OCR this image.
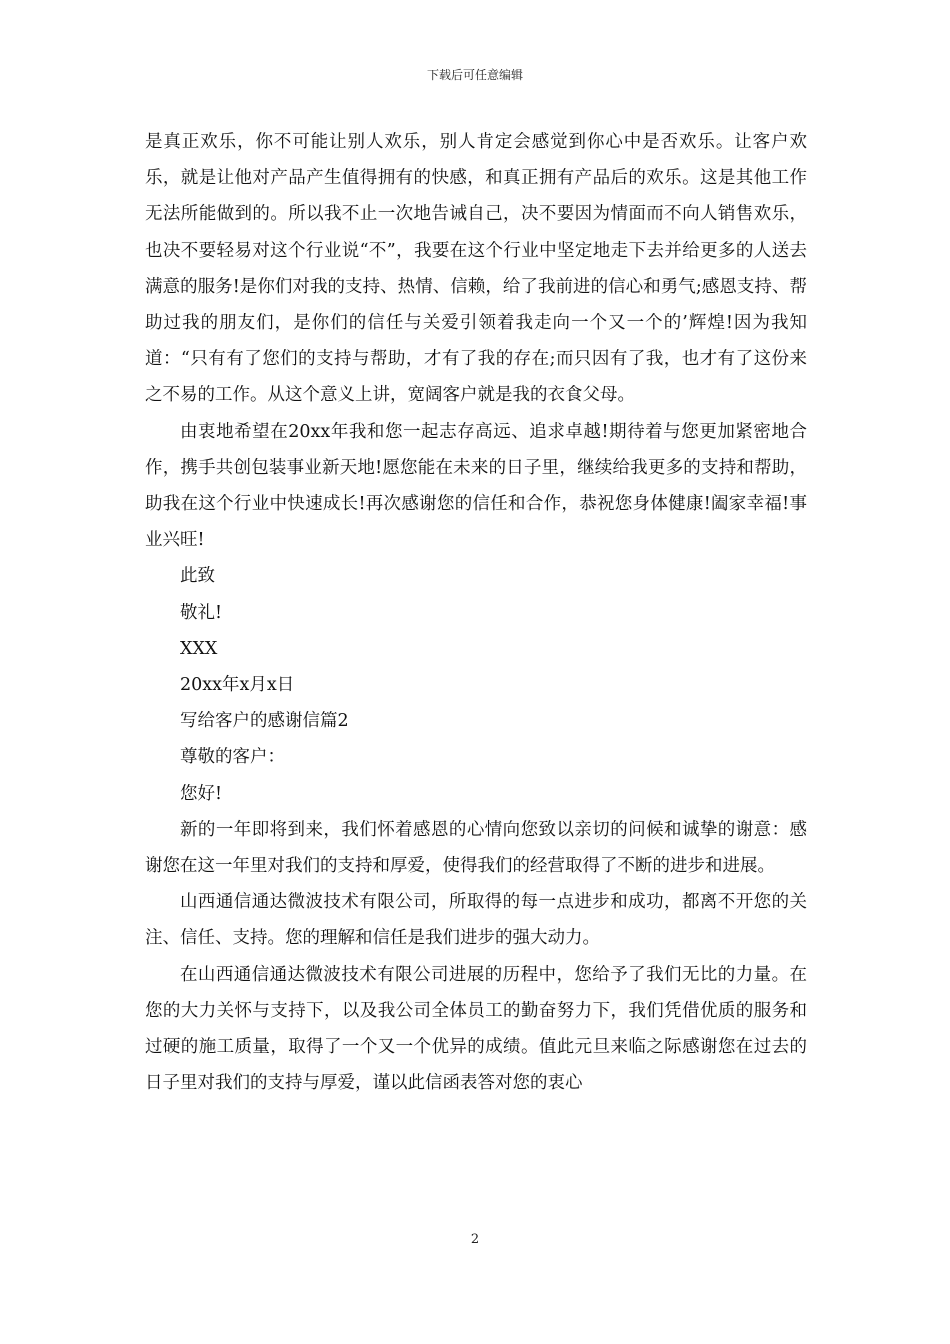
下载后可任意编辑

是真正欢乐，你不可能让别人欢乐，别人肯定会感觉到你心中是否欢乐。让客户欢乐，就是让他对产品产生值得拥有的快感，和真正拥有产品后的欢乐。这是其他工作无法所能做到的。所以我不止一次地告诫自己，决不要因为情面而不向人销售欢乐，也决不要轻易对这个行业说“不”，我要在这个行业中坚定地走下去并给更多的人送去满意的服务!是你们对我的支持、热情、信赖，给了我前进的信心和勇气;感恩支持、帮助过我的朋友们，是你们的信任与关爱引领着我走向一个又一个的’辉煌!因为我知道：“只有有了您们的支持与帮助，才有了我的存在;而只因有了我，也才有了这份来之不易的工作。从这个意义上讲，宽阔客户就是我的衣食父母。

由衷地希望在20xx年我和您一起志存高远、追求卓越!期待着与您更加紧密地合作，携手共创包装事业新天地!愿您能在未来的日子里，继续给我更多的支持和帮助，助我在这个行业中快速成长!再次感谢您的信任和合作，恭祝您身体健康!阖家幸福!事业兴旺!

此致

敬礼!

XXX

20xx年x月x日

写给客户的感谢信篇2

尊敬的客户：

您好!

新的一年即将到来，我们怀着感恩的心情向您致以亲切的问候和诚挚的谢意：感谢您在这一年里对我们的支持和厚爱，使得我们的经营取得了不断的进步和进展。

山西通信通达微波技术有限公司，所取得的每一点进步和成功，都离不开您的关注、信任、支持。您的理解和信任是我们进步的强大动力。

在山西通信通达微波技术有限公司进展的历程中，您给予了我们无比的力量。在您的大力关怀与支持下，以及我公司全体员工的勤奋努力下，我们凭借优质的服务和过硬的施工质量，取得了一个又一个优异的成绩。值此元旦来临之际感谢您在过去的日子里对我们的支持与厚爱，谨以此信函表答对您的衷心

2
